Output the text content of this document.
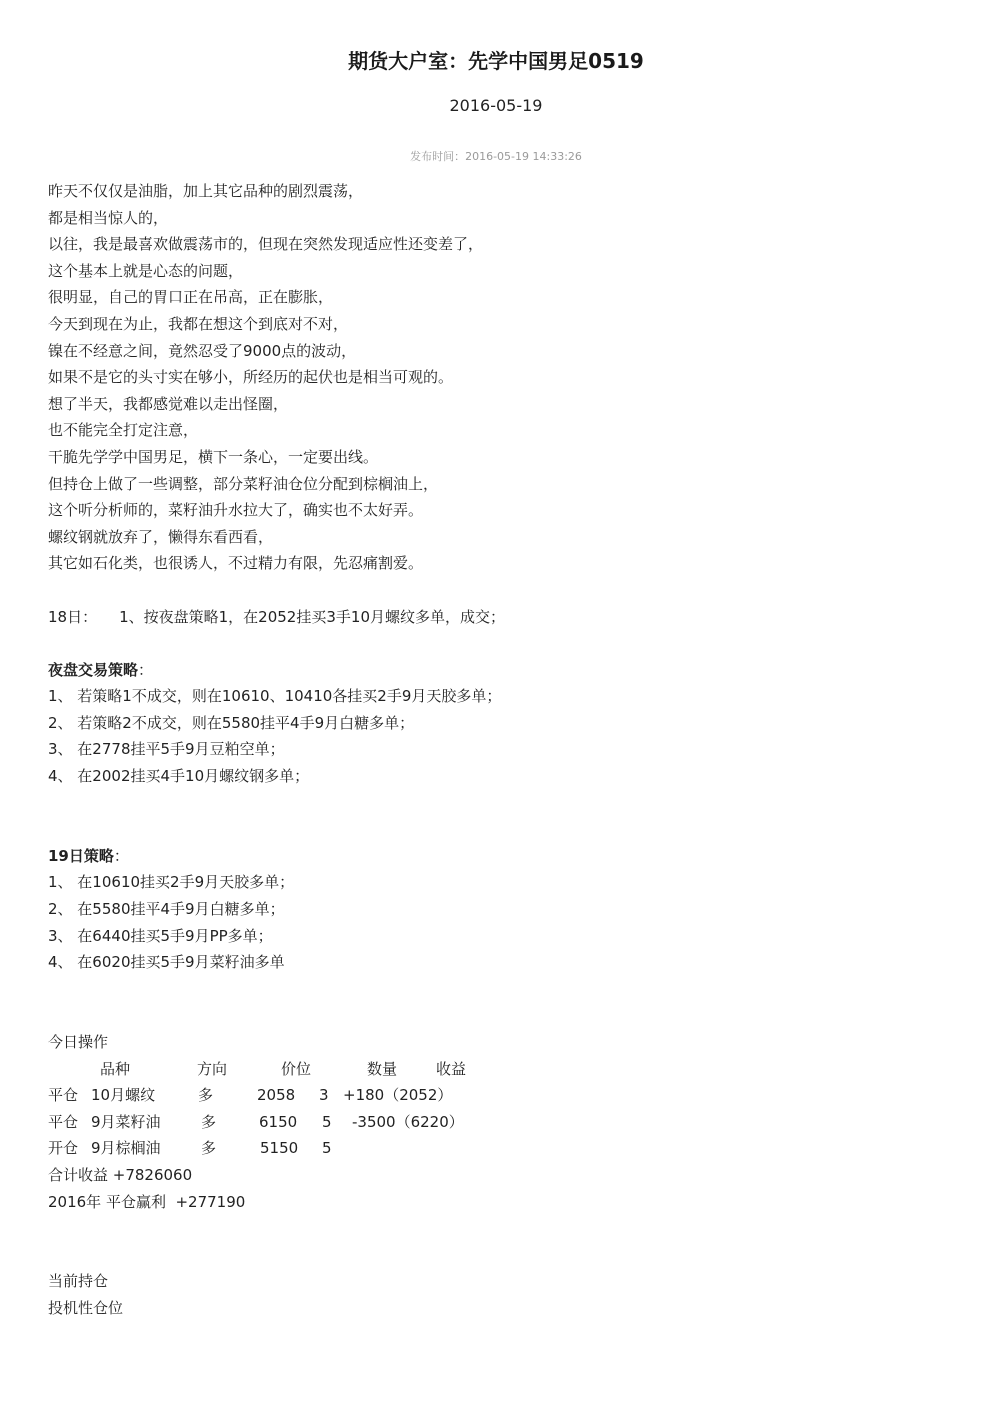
期货大户室：先学中国男足0519
2016-05-19
发布时间：2016-05-19 14:33:26
昨天不仅仅是油脂，加上其它品种的剧烈震荡，
都是相当惊人的，
以往，我是最喜欢做震荡市的，但现在突然发现适应性还变差了，
这个基本上就是心态的问题，
很明显，自己的胃口正在吊高，正在膨胀，
今天到现在为止，我都在想这个到底对不对，
镍在不经意之间，竟然忍受了9000点的波动，
如果不是它的头寸实在够小，所经历的起伏也是相当可观的。
想了半天，我都感觉难以走出怪圈，
也不能完全打定注意，
干脆先学学中国男足，横下一条心，一定要出线。
但持仓上做了一些调整，部分菜籽油仓位分配到棕榈油上，
这个听分析师的，菜籽油升水拉大了，确实也不太好弄。
螺纹钢就放弃了，懒得东看西看，
其它如石化类，也很诱人，不过精力有限，先忍痛割爱。
18日： 1、按夜盘策略1，在2052挂买3手10月螺纹多单，成交；
夜盘交易策略：
1、 若策略1不成交，则在10610、10410各挂买2手9月天胶多单；
2、 若策略2不成交，则在5580挂平4手9月白糖多单；
3、 在2778挂平5手9月豆粕空单；
4、 在2002挂买4手10月螺纹钢多单；
19日策略：
1、 在10610挂买2手9月天胶多单；
2、 在5580挂平4手9月白糖多单；
3、 在6440挂买5手9月PP多单；
4、 在6020挂买5手9月菜籽油多单
今日操作
品种	方向	价位	数量	收益
平仓 10月螺纹	多	2058 3 +180（2052）
平仓 9月菜籽油	多	6150 5 -3500（6220）
开仓 9月棕榈油	多	5150 5
合计收益 +7826060
2016年 平仓赢利  +277190
当前持仓
投机性仓位
